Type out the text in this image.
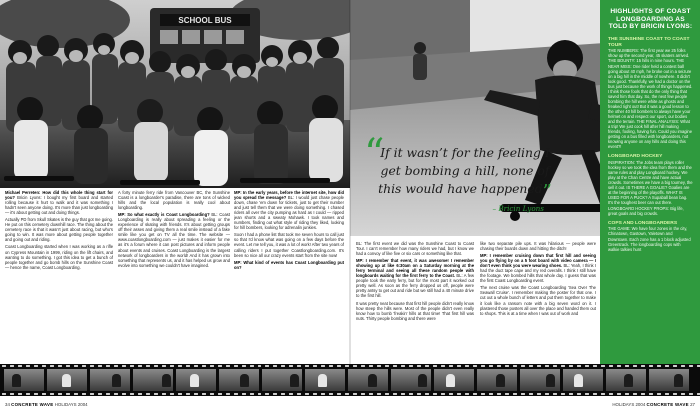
SCHOOL BUS
“
If it wasn’t for the feeling I get bombing a hill, none of this would have happened”
– Bricin Lyons

Michael Perreten: How did this whole thing start for you? Bricin Lyons: I bought my first board and started rolling because it hurt to walk and it was something I hadn't seen anyone doing. It's more than just longboarding — it's about getting out and doing things.

Actually PD from Skull Skates is the guy that got me going. He put on this cemetery downhill race. The thing about the cemetery race is that it wasn't just about racing, but who's going to win. It was more about getting people together and going out and riding.

Coast Longboarding started when I was working as a rifle on Cypress Mountain in 1999, riding on the lift chairs, and wanting to do something. I got this idea to get a bunch of people together and go bomb hills on the Sunshine Coast — hence the name, Coast Longboarding.

A forty minute ferry ride from Vancouver BC, the Sunshine Coast is a longboarder's paradise, there are tons of wicked hills and the local population is really cool about longboarding.

MP: So what exactly is Coast Longboarding? BL: Coast Longboarding is really about spreading a feeling or the experience of skating with friends. It's about getting groups off their asses and giving them a real smile instead of a fake smile like you get on TV all the time. The website — www.coastlongboarding.com — just makes it easier for me as it's a forum where it can post pictures and inform people about events and cruises. Coast Longboarding is the largest network of longboarders in the world! And it has grown into something that represents us, and it has helped us grow and evolve into something we couldn't have imagined.

MP: In the early years, before the internet site, how did you spread the message? BL: I would just chase people down, chase 'em down for tickets, just to get their number and just tell them that we were doing something. I chased riders all over the city pumping as hard as I could — ripped jean shorts and a sweaty Mohawk. I took names and numbers, finding out what style of riding they liked, looking for hill bombers, looking for adrenalin junkies.

Soon I had a phone list that took me seven hours to call just so that I'd know what was going on a few days before the event. Let me tell you, it was a lot of work! After two years of calling riders I put together Coastlongboarding.com. It's been so nice all our crazy events start from the site now!

MP: What kind of events has Coast Longboarding put on?

BL: The first event we did was the Sunshine Coast to Coast Tour. I can't remember how many riders we had, but I know we had a convoy of like five or six cars or something like that.

MP: I remember that event, it was awesome! I remember showing up at like 6:30am on a Saturday morning at the ferry terminal and seeing all these random people with longboards waiting for the first ferry to the Coast. BL: A few people took the early ferry, but for the most part it worked out pretty well. As soon as the ferry dropped us off, people were pretty antsy to get out and ride but we still had a 40 minute drive to the first hill.

It was pretty neat because that first hill people didn't really know how steep the hills were. Most of the people didn't even really know how to bomb 'freakin' hills at that time! That first hill was nuts. Thirty people bombing and there were

like two separate pile ups. It was hilarious — people were chasing their boards down and hitting the ditch!

MP: I remember cruising down that first hill and seeing you go flying by on a 5 foot board with video camera — I don't even think you were wearing shoes. BL: Yeah, I think I had the duct tape cape and my red overalls. I think I still have the footage. We bombed hills that whole day. I guess that was the first Coast Longboarding event.

The next cruise was the Coast Longboarding 'Sea Over The Seawall Cruise'. I remember making the poster for that one. I cut out a whole bunch of letters and put them together to make it look like a ransom note with a big seven word on it. I plastered those posters all over the place and handed them out to shops. This is at a time when I was out of work and

HIGHLIGHTS OF COAST LONGBOARDING AS TOLD BY BRICIN LYONS:
THE SUNSHINE COAST TO COAST TOUR
THE NUMBERS: The first year we 25 folks show up the second year, 45 skaters arrived. THE BOUNTY: 15 hills in nine hours. THE NEAR MISS: One rider held a contest ball going about 40 mph, he broke out in a seizure on a big hill in the middle of nowhere. It didn't look good. Thankfully, we had a doctor on the bus just because the work of things happened. I think those fools that do the only thing that saved him that day. So, the next few people bombing the hill were white as ghosts and freaked right out! But it was a good lesson to the other 40 hill bombers to always have your helmet on and respect our sport, our bodies and the terrain. THE FINAL ANALYSIS: What a trip! We just cook hill after hill making friends, fooling, having fun. Could you imagine getting on a bus filled with longboarders, not knowing anyone on any hills and doing this event?!
LONGBOARD HOCKEY
INSPIRATION: The Jobs team plays roller hockey so we took the idea from them and the same rules and play Longboard hockey. We play at the Chan Centre and have actual crowds. Sometimes we have a big tourney, the sell it out. IS THERE A GOALIE? Goalies are at the beginning of the playoffs. WHAT IS USED FOR A PUCK? A Supaball bean bag. It's the toughest beer can out there. LONGBOARD HOCKEY PROPS: Big life, great goals and big crowds.
COPS AND LONGBOARDERS
THE GAME: We have four zones in the city, Chinatown, Gastown, Yaletown and Downtown. Each zone has a 1 block adjusted Greentrack. The longboarding cops with walkie talkies hunt
34 CONCRETE WAVE HOLIDAYS 2004	HOLIDAYS 2004 CONCRETE WAVE 27
